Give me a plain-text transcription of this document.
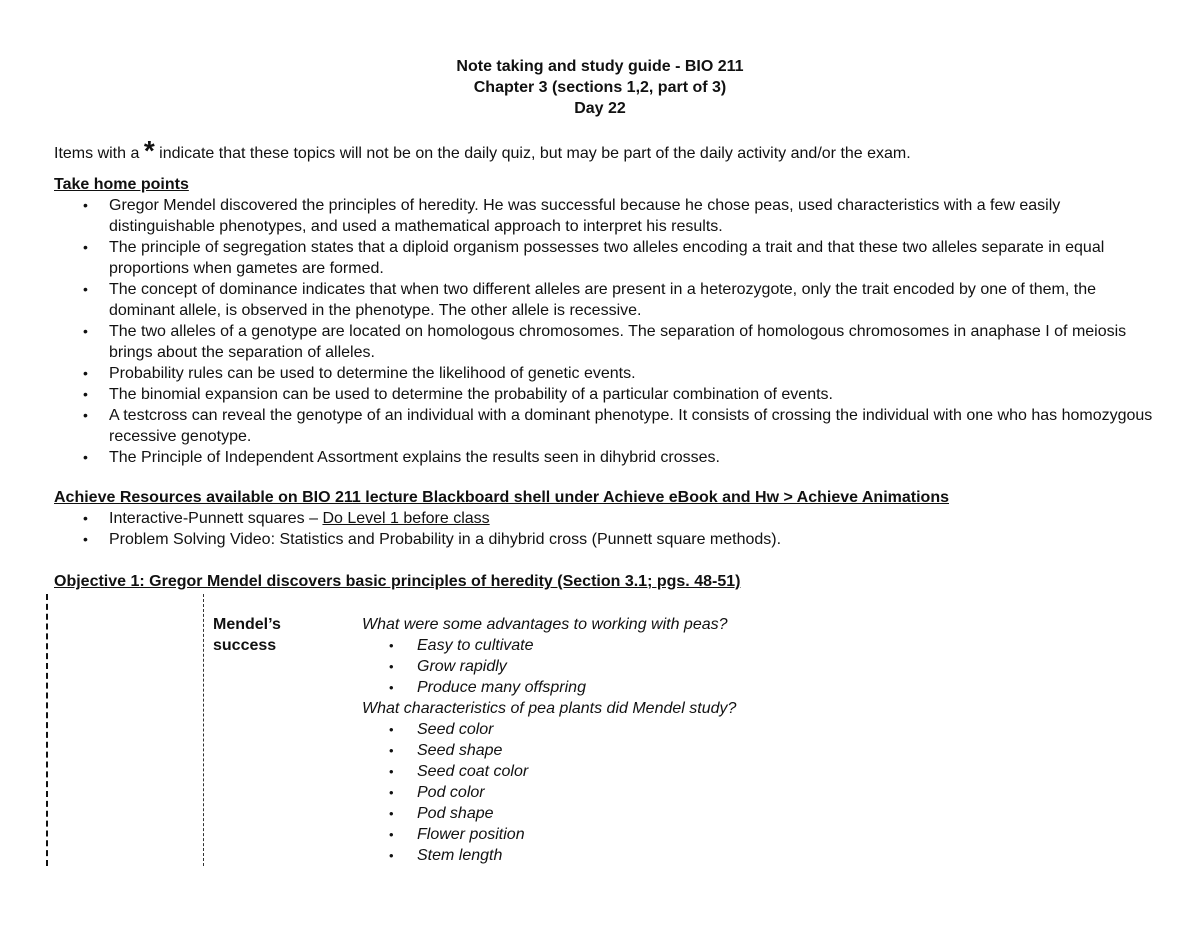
Note taking and study guide - BIO 211
Chapter 3 (sections 1,2, part of 3)
Day 22
Items with a * indicate that these topics will not be on the daily quiz, but may be part of the daily activity and/or the exam.
Take home points
• Gregor Mendel discovered the principles of heredity. He was successful because he chose peas, used characteristics with a few easily distinguishable phenotypes, and used a mathematical approach to interpret his results.
• The principle of segregation states that a diploid organism possesses two alleles encoding a trait and that these two alleles separate in equal proportions when gametes are formed.
• The concept of dominance indicates that when two different alleles are present in a heterozygote, only the trait encoded by one of them, the dominant allele, is observed in the phenotype. The other allele is recessive.
• The two alleles of a genotype are located on homologous chromosomes. The separation of homologous chromosomes in anaphase I of meiosis brings about the separation of alleles.
• Probability rules can be used to determine the likelihood of genetic events.
• The binomial expansion can be used to determine the probability of a particular combination of events.
• A testcross can reveal the genotype of an individual with a dominant phenotype. It consists of crossing the individual with one who has homozygous recessive genotype.
• The Principle of Independent Assortment explains the results seen in dihybrid crosses.
Achieve Resources available on BIO 211 lecture Blackboard shell under Achieve eBook and Hw > Achieve Animations
• Interactive-Punnett squares – Do Level 1 before class
• Problem Solving Video: Statistics and Probability in a dihybrid cross (Punnett square methods).
Objective 1: Gregor Mendel discovers basic principles of heredity (Section 3.1; pgs. 48-51)
Mendel’s
success
What were some advantages to working with peas?
• Easy to cultivate
• Grow rapidly
• Produce many offspring
What characteristics of pea plants did Mendel study?
• Seed color
• Seed shape
• Seed coat color
• Pod color
• Pod shape
• Flower position
• Stem length
